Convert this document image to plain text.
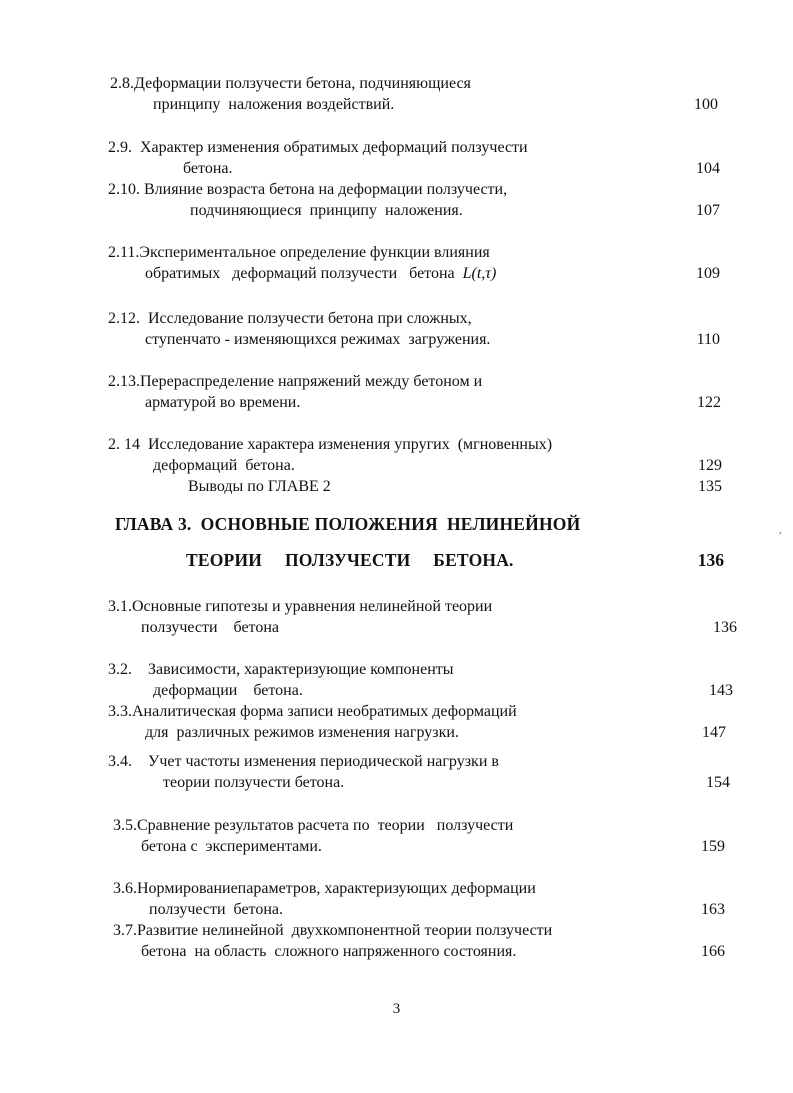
2.8.Деформации ползучести бетона, подчиняющиеся
принципу  наложения воздействий.	100
2.9.  Характер изменения обратимых деформаций ползучести
бетона.	104
2.10. Влияние возраста бетона на деформации ползучести,
подчиняющиеся  принципу  наложения.	107
2.11.Экспериментальное определение функции влияния
обратимых   деформаций ползучести   бетона L(t,τ)	109
2.12.  Исследование ползучести бетона при сложных,
ступенчато - изменяющихся режимах  загружения.	110
2.13.Перераспределение напряжений между бетоном и
арматурой во времени.	122
2. 14  Исследование характера изменения упругих  (мгновенных)
деформаций  бетона.	129
Выводы по ГЛАВЕ 2	135
ГЛАВА 3.  ОСНОВНЫЕ ПОЛОЖЕНИЯ  НЕЛИНЕЙНОЙ
ТЕОРИИ     ПОЛЗУЧЕСТИ     БЕТОНА.	136
,
3.1.Основные гипотезы и уравнения нелинейной теории
ползучести    бетона	136
3.2.    Зависимости, характеризующие компоненты
деформации    бетона.	143
3.3.Аналитическая форма записи необратимых деформаций
для  различных режимов изменения нагрузки.	147
3.4.    Учет частоты изменения периодической нагрузки в
теории ползучести бетона.	154
3.5.Сравнение результатов расчета по  теории   ползучести
бетона с  экспериментами.	159
3.6.Нормированиепараметров, характеризующих деформации
ползучести  бетона.	163
3.7.Развитие нелинейной  двухкомпонентной теории ползучести
бетона  на область  сложного напряженного состояния.	166
3
